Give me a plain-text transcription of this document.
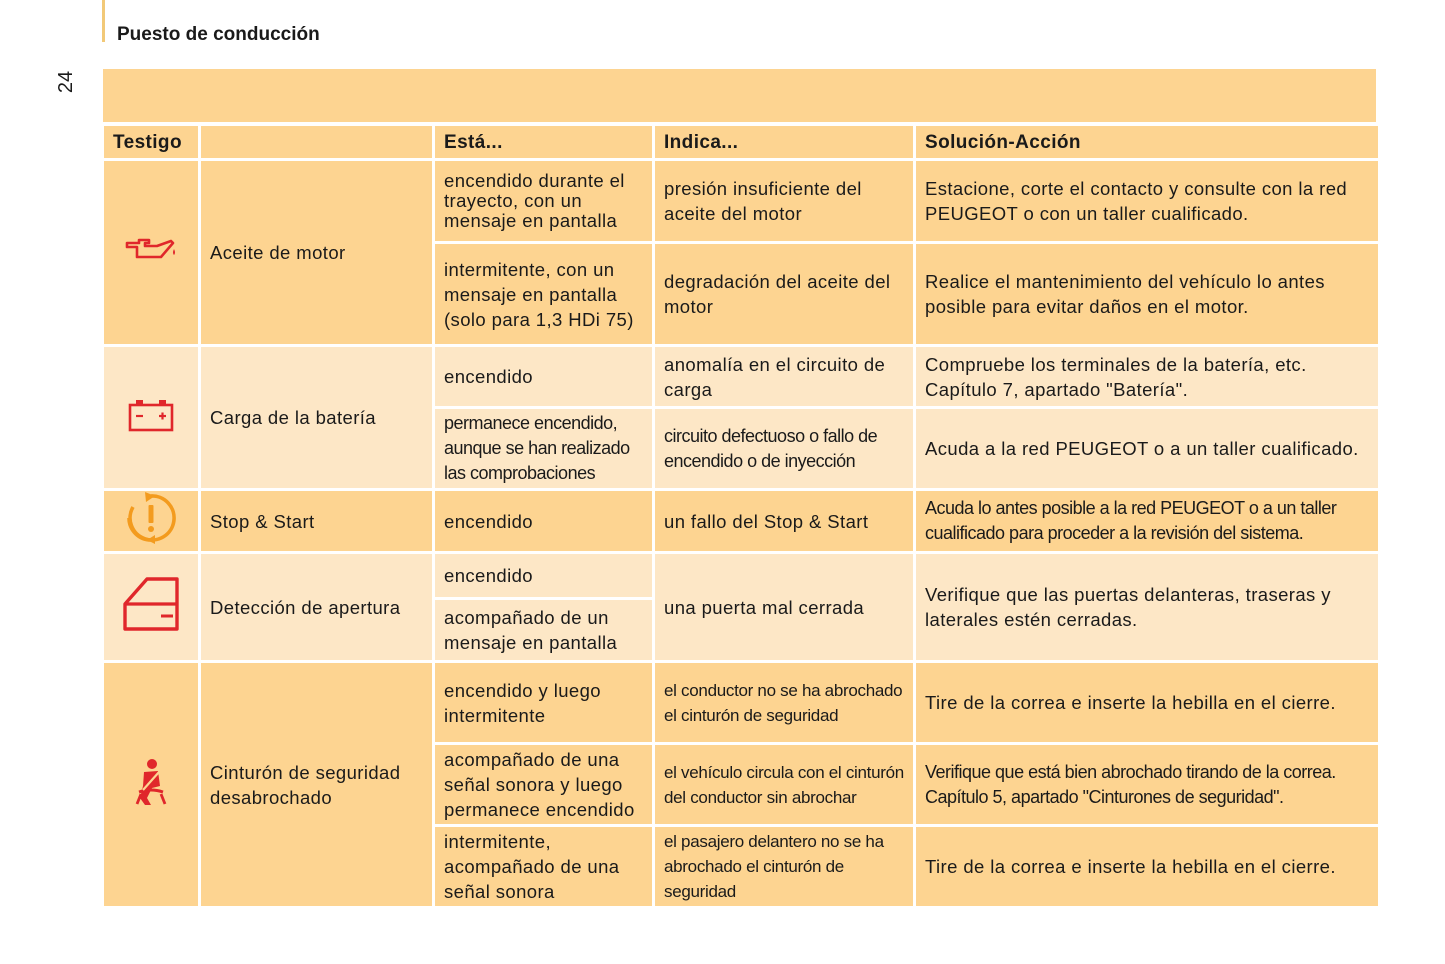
Puesto de conducción
24
Testigo		Está...	Indica...	Solución-Acción
	Aceite de motor	encendido durante el trayecto, con un mensaje en pantalla	presión insuficiente del aceite del motor	Estacione, corte el contacto y consulte con la red PEUGEOT o con un taller cualificado.
		intermitente, con un mensaje en pantalla (solo para 1,3 HDi 75)	degradación del aceite del motor	Realice el mantenimiento del vehículo lo antes posible para evitar daños en el motor.
	Carga de la batería	encendido	anomalía en el circuito de carga	Compruebe los terminales de la batería, etc. Capítulo 7, apartado "Batería".
		permanece encendido, aunque se han realizado las comprobaciones	circuito defectuoso o fallo de encendido o de inyección	Acuda a la red PEUGEOT o a un taller cualificado.
	Stop & Start	encendido	un fallo del Stop & Start	Acuda lo antes posible a la red PEUGEOT o a un taller cualificado para proceder a la revisión del sistema.
	Detección de apertura	encendido	una puerta mal cerrada	Verifique que las puertas delanteras, traseras y laterales estén cerradas.
		acompañado de un mensaje en pantalla		
	Cinturón de seguridad desabrochado	encendido y luego intermitente	el conductor no se ha abrochado el cinturón de seguridad	Tire de la correa e inserte la hebilla en el cierre.
		acompañado de una señal sonora y luego permanece encendido	el vehículo circula con el cinturón del conductor sin abrochar	Verifique que está bien abrochado tirando de la correa. Capítulo 5, apartado "Cinturones de seguridad".
		intermitente, acompañado de una señal sonora	el pasajero delantero no se ha abrochado el cinturón de seguridad	Tire de la correa e inserte la hebilla en el cierre.
